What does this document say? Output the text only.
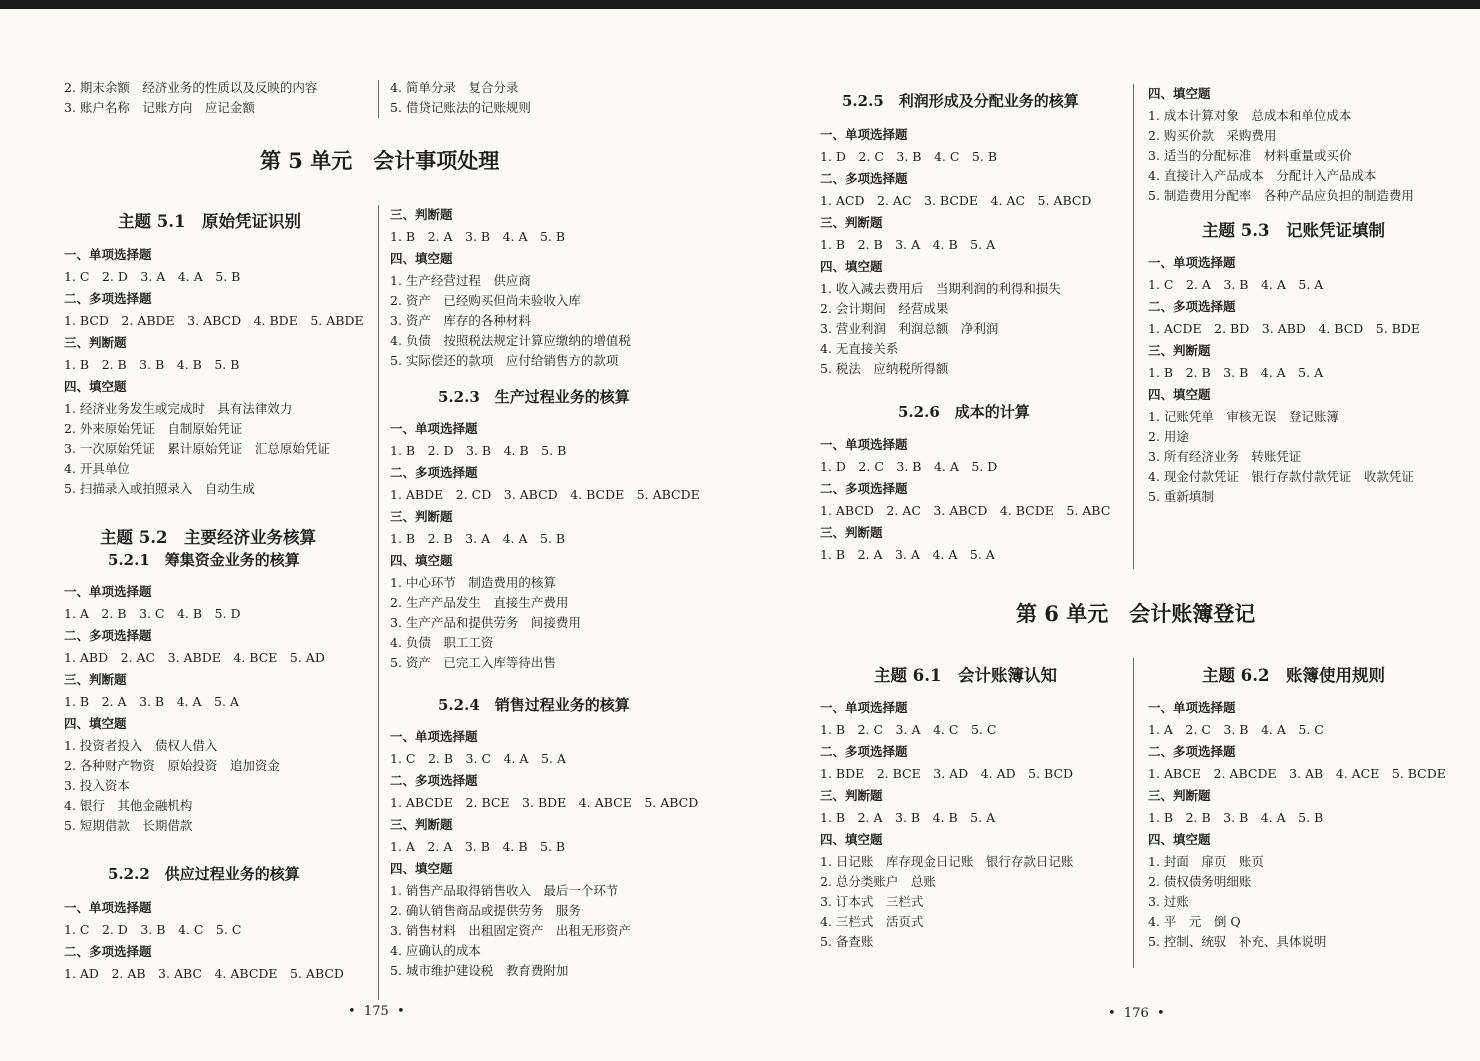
2. 期末余额　经济业务的性质以及反映的内容
3. 账户名称　记账方向　应记金额
4. 简单分录　复合分录
5. 借贷记账法的记账规则
第 5 单元　会计事项处理
主题 5.1　原始凭证识别
一、单项选择题
1. C　2. D　3. A　4. A　5. B
二、多项选择题
1. BCD　2. ABDE　3. ABCD　4. BDE　5. ABDE
三、判断题
1. B　2. B　3. B　4. B　5. B
四、填空题
1. 经济业务发生或完成时　具有法律效力
2. 外来原始凭证　自制原始凭证
3. 一次原始凭证　累计原始凭证　汇总原始凭证
4. 开具单位
5. 扫描录入或拍照录入　自动生成
主题 5.2　主要经济业务核算
5.2.1　筹集资金业务的核算
一、单项选择题
1. A　2. B　3. C　4. B　5. D
二、多项选择题
1. ABD　2. AC　3. ABDE　4. BCE　5. AD
三、判断题
1. B　2. A　3. B　4. A　5. A
四、填空题
1. 投资者投入　债权人借入
2. 各种财产物资　原始投资　追加资金
3. 投入资本
4. 银行　其他金融机构
5. 短期借款　长期借款
5.2.2　供应过程业务的核算
一、单项选择题
1. C　2. D　3. B　4. C　5. C
二、多项选择题
1. AD　2. AB　3. ABC　4. ABCDE　5. ABCD
三、判断题
1. B　2. A　3. B　4. A　5. B
四、填空题
1. 生产经营过程　供应商
2. 资产　已经购买但尚未验收入库
3. 资产　库存的各种材料
4. 负债　按照税法规定计算应缴纳的增值税
5. 实际偿还的款项　应付给销售方的款项
5.2.3　生产过程业务的核算
一、单项选择题
1. B　2. D　3. B　4. B　5. B
二、多项选择题
1. ABDE　2. CD　3. ABCD　4. BCDE　5. ABCDE
三、判断题
1. B　2. B　3. A　4. A　5. B
四、填空题
1. 中心环节　制造费用的核算
2. 生产产品发生　直接生产费用
3. 生产产品和提供劳务　间接费用
4. 负债　职工工资
5. 资产　已完工入库等待出售
5.2.4　销售过程业务的核算
一、单项选择题
1. C　2. B　3. C　4. A　5. A
二、多项选择题
1. ABCDE　2. BCE　3. BDE　4. ABCE　5. ABCD
三、判断题
1. A　2. A　3. B　4. B　5. B
四、填空题
1. 销售产品取得销售收入　最后一个环节
2. 确认销售商品或提供劳务　服务
3. 销售材料　出租固定资产　出租无形资产
4. 应确认的成本
5. 城市维护建设税　教育费附加
•  175  •
5.2.5　利润形成及分配业务的核算
一、单项选择题
1. D　2. C　3. B　4. C　5. B
二、多项选择题
1. ACD　2. AC　3. BCDE　4. AC　5. ABCD
三、判断题
1. B　2. B　3. A　4. B　5. A
四、填空题
1. 收入减去费用后　当期利润的利得和损失
2. 会计期间　经营成果
3. 营业利润　利润总额　净利润
4. 无直接关系
5. 税法　应纳税所得额
5.2.6　成本的计算
一、单项选择题
1. D　2. C　3. B　4. A　5. D
二、多项选择题
1. ABCD　2. AC　3. ABCD　4. BCDE　5. ABC
三、判断题
1. B　2. A　3. A　4. A　5. A
四、填空题
1. 成本计算对象　总成本和单位成本
2. 购买价款　采购费用
3. 适当的分配标准　材料重量或买价
4. 直接计入产品成本　分配计入产品成本
5. 制造费用分配率　各种产品应负担的制造费用
主题 5.3　记账凭证填制
一、单项选择题
1. C　2. A　3. B　4. A　5. A
二、多项选择题
1. ACDE　2. BD　3. ABD　4. BCD　5. BDE
三、判断题
1. B　2. B　3. B　4. A　5. A
四、填空题
1. 记账凭单　审核无误　登记账簿
2. 用途
3. 所有经济业务　转账凭证
4. 现金付款凭证　银行存款付款凭证　收款凭证
5. 重新填制
第 6 单元　会计账簿登记
主题 6.1　会计账簿认知
一、单项选择题
1. B　2. C　3. A　4. C　5. C
二、多项选择题
1. BDE　2. BCE　3. AD　4. AD　5. BCD
三、判断题
1. B　2. A　3. B　4. B　5. A
四、填空题
1. 日记账　库存现金日记账　银行存款日记账
2. 总分类账户　总账
3. 订本式　三栏式
4. 三栏式　活页式
5. 备查账
主题 6.2　账簿使用规则
一、单项选择题
1. A　2. C　3. B　4. A　5. C
二、多项选择题
1. ABCE　2. ABCDE　3. AB　4. ACE　5. BCDE
三、判断题
1. B　2. B　3. B　4. A　5. B
四、填空题
1. 封面　扉页　账页
2. 债权债务明细账
3. 过账
4. 平　元　倒 Q
5. 控制、统驭　补充、具体说明
•  176  •
